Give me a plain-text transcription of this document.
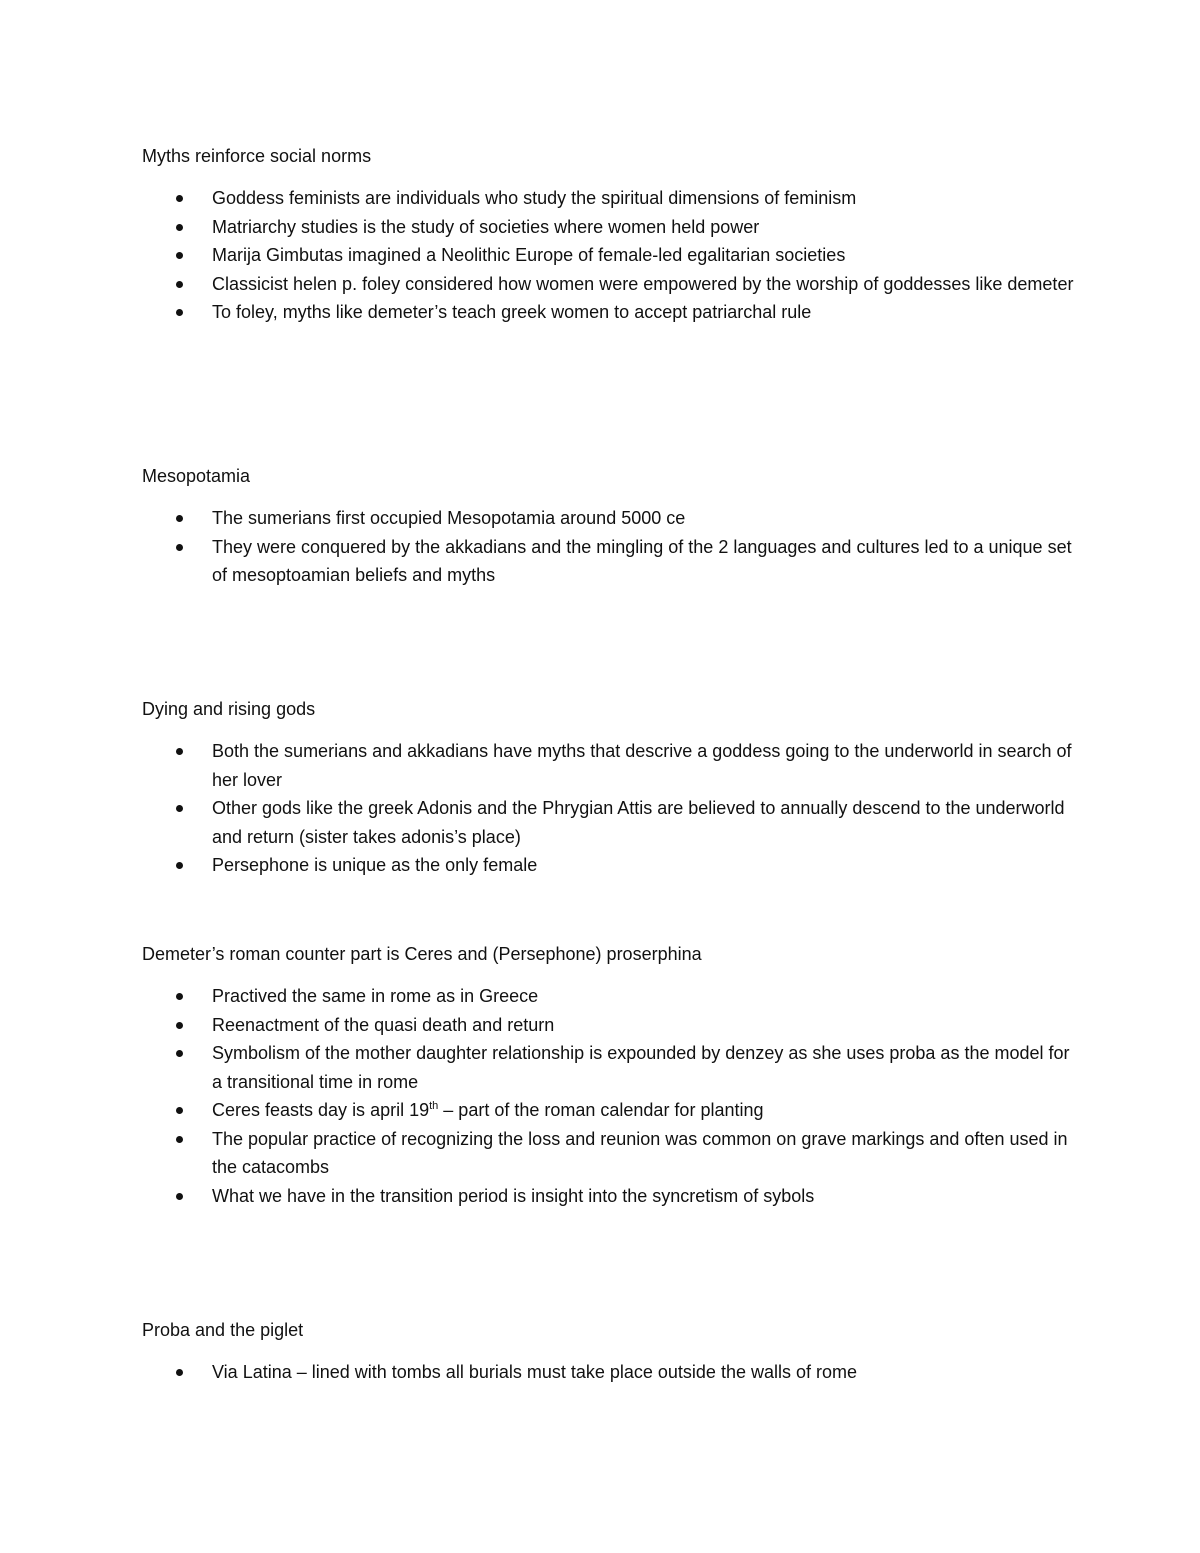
Myths reinforce social norms
Goddess feminists are individuals who study the spiritual dimensions of feminism
Matriarchy studies is the study of societies where women held power
Marija Gimbutas imagined a Neolithic Europe of female-led egalitarian societies
Classicist helen p. foley considered how women were empowered by the worship of goddesses like demeter
To foley, myths like demeter’s teach greek women to accept patriarchal rule
Mesopotamia
The sumerians first occupied Mesopotamia around 5000 ce
They were conquered by the akkadians and the mingling of the 2 languages and cultures led to a unique set of mesoptoamian beliefs and myths
Dying and rising gods
Both the sumerians and akkadians have myths that descrive a goddess going to the underworld in search of her lover
Other gods like the greek Adonis and the Phrygian Attis are believed to annually descend to the underworld and return (sister takes adonis’s place)
Persephone is unique as the only female
Demeter’s roman counter part is Ceres and (Persephone) proserphina
Practived the same in rome as in Greece
Reenactment of the quasi death and return
Symbolism of the mother daughter relationship is expounded by denzey as she uses proba as the model for a transitional time in rome
Ceres feasts day is april 19th – part of the roman calendar for planting
The popular practice of recognizing the loss and reunion was common on grave markings and often used in the catacombs
What we have in the transition period is insight into the syncretism of sybols
Proba and the piglet
Via Latina – lined with tombs all burials must take place outside the walls of rome
